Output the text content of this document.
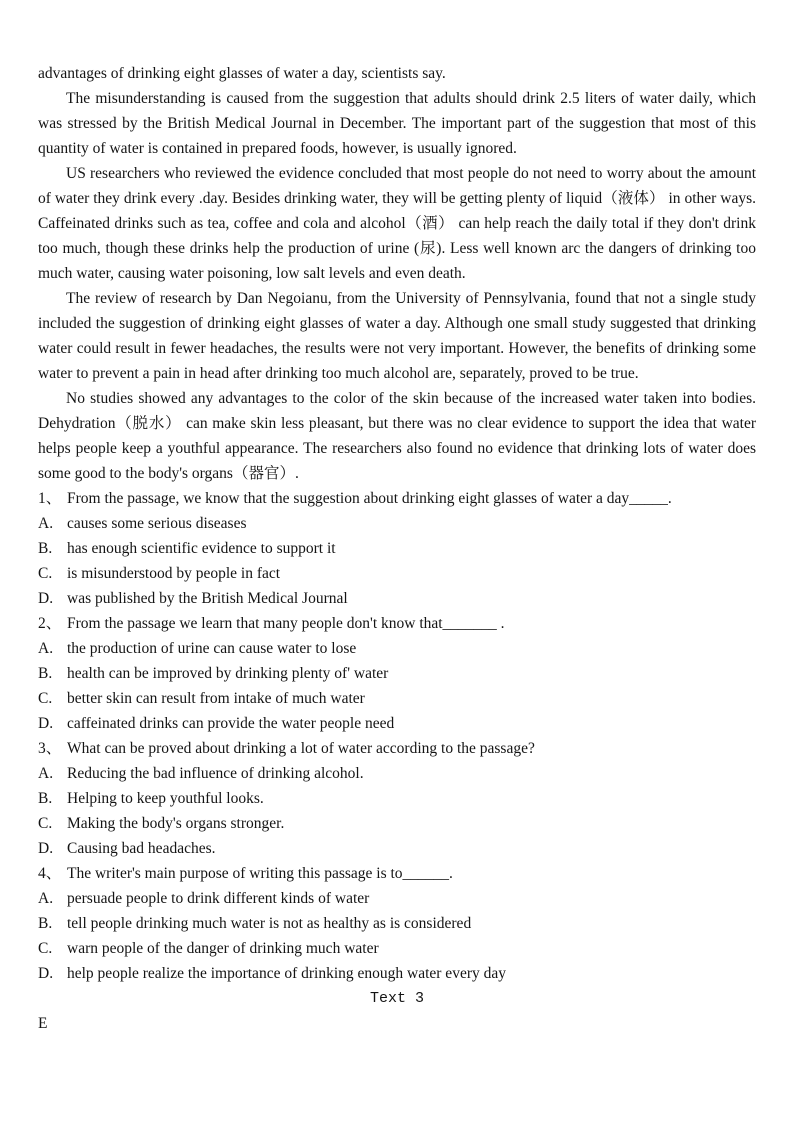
advantages of drinking eight glasses of water a day, scientists say.

The misunderstanding is caused from the suggestion that adults should drink 2.5 liters of water daily, which was stressed by the British Medical Journal in December. The important part of the suggestion that most of this quantity of water is contained in prepared foods, however, is usually ignored.

US researchers who reviewed the evidence concluded that most people do not need to worry about the amount of water they drink every .day. Besides drinking water, they will be getting plenty of liquid（液体） in other ways. Caffeinated drinks such as tea, coffee and cola and alcohol（酒） can help reach the daily total if they don't drink too much, though these drinks help the production of urine (尿). Less well known arc the dangers of drinking too much water, causing water poisoning, low salt levels and even death.

The review of research by Dan Negoianu, from the University of Pennsylvania, found that not a single study included the suggestion of drinking eight glasses of water a day. Although one small study suggested that drinking water could result in fewer headaches, the results were not very important. However, the benefits of drinking some water to prevent a pain in head after drinking too much alcohol are, separately, proved to be true.

No studies showed any advantages to the color of the skin because of the increased water taken into bodies. Dehydration（脱水） can make skin less pleasant, but there was no clear evidence to support the idea that water helps people keep a youthful appearance. The researchers also found no evidence that drinking lots of water does some good to the body's organs（器官）.

1、 From the passage, we know that the suggestion about drinking eight glasses of water a day_____.
A. causes some serious diseases
B. has enough scientific evidence to support it
C. is misunderstood by people in fact
D. was published by the British Medical Journal
2、 From the passage we learn that many people don't know that_______ .
A. the production of urine can cause water to lose
B. health can be improved by drinking plenty of' water
C. better skin can result from intake of much water
D. caffeinated drinks can provide the water people need
3、 What can be proved about drinking a lot of water according to the passage?
A. Reducing the bad influence of drinking alcohol.
B. Helping to keep youthful looks.
C. Making the body's organs stronger.
D. Causing bad headaches.
4、 The writer's main purpose of writing this passage is to______.
A. persuade people to drink different kinds of water
B. tell people drinking much water is not as healthy as is considered
C. warn people of the danger of drinking much water
D. help people realize the importance of drinking enough water every day
Text 3
E
